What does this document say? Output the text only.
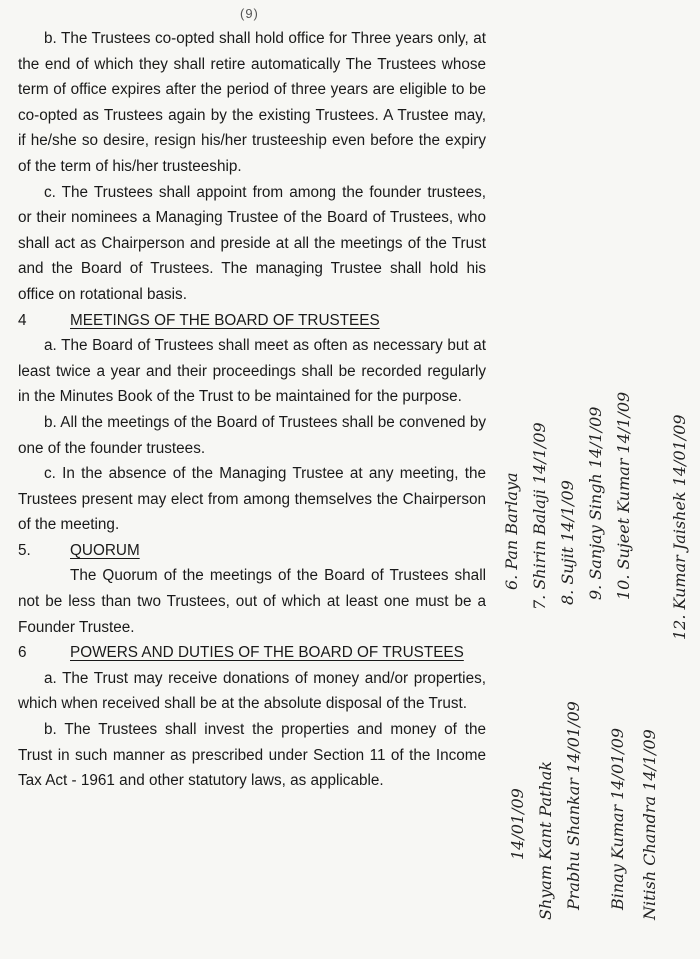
(9)

b. The Trustees co-opted shall hold office for Three years only, at the end of which they shall retire automatically The Trustees whose term of office expires after the period of three years are eligible to be co-opted as Trustees again by the existing Trustees. A Trustee may, if he/she so desire, resign his/her trusteeship even before the expiry of the term of his/her trusteeship.

c. The Trustees shall appoint from among the founder trustees, or their nominees a Managing Trustee of the Board of Trustees, who shall act as Chairperson and preside at all the meetings of the Trust and the Board of Trustees. The managing Trustee shall hold his office on rotational basis.

4	MEETINGS OF THE BOARD OF TRUSTEES

a. The Board of Trustees shall meet as often as necessary but at least twice a year and their proceedings shall be recorded regularly in the Minutes Book of the Trust to be maintained for the purpose.

b. All the meetings of the Board of Trustees shall be convened by one of the founder trustees.

c. In the absence of the Managing Trustee at any meeting, the Trustees present may elect from among themselves the Chairperson of the meeting.

5.	QUORUM

The Quorum of the meetings of the Board of Trustees shall not be less than two Trustees, out of which at least one must be a Founder Trustee.

6	POWERS AND DUTIES OF THE BOARD OF TRUSTEES

a. The Trust may receive donations of money and/or properties, which when received shall be at the absolute disposal of the Trust.

b. The Trustees shall invest the properties and money of the Trust in such manner as prescribed under Section 11 of the Income Tax Act - 1961 and other statutory laws, as applicable.

6. Pan Barlaya 7. Shirin Balaji 14/1/09 8. Sujit 14/1/09 9. Sanjay Singh 14/1/09 10. Sujeet Kumar 14/1/09 12. Kumar Jaishek 14/01/09
14/01/09 Shyam Kant Pathak Prabhu Shankar 14/01/09 Binay Kumar 14/01/09 Nitish Chandra 14/1/09
